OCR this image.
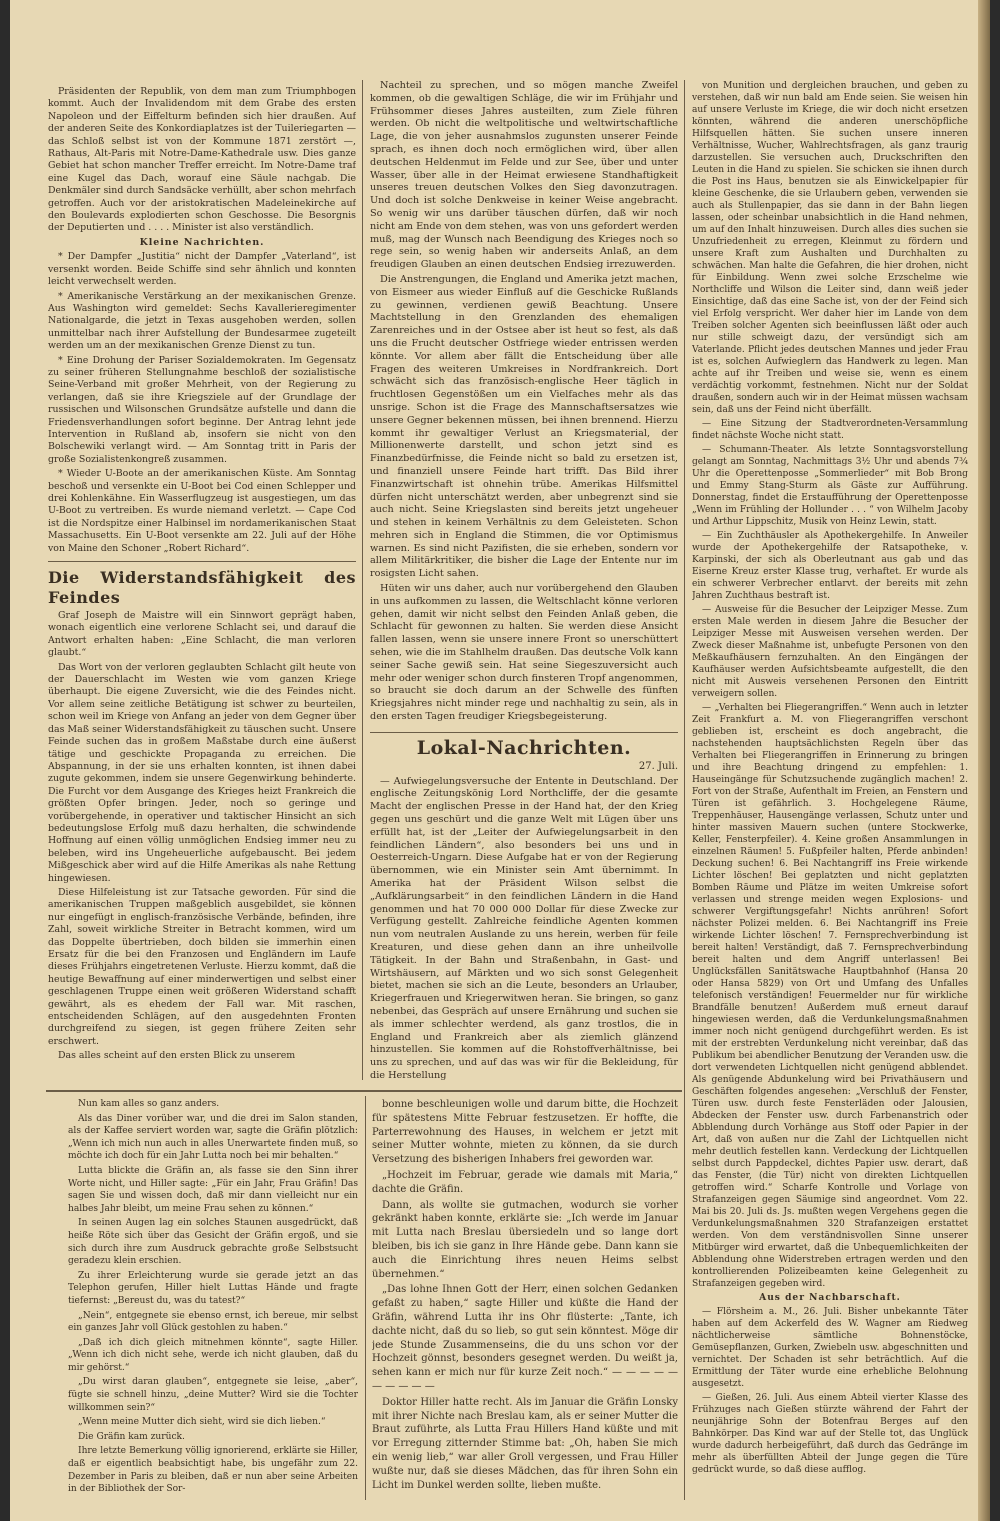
Präsidenten der Republik, von dem man zum Triumphbogen kommt. Auch der Invalidendom mit dem Grabe des ersten Napoleon und der Eiffelturm befinden sich hier draußen. Auf der anderen Seite des Konkordiaplatzes ist der Tuileriegarten — das Schloß selbst ist von der Kommune 1871 zerstört —, Rathaus, Alt-Paris mit Notre-Dame-Kathedrale usw. Dies ganze Gebiet hat schon mancher Treffer erreicht. Im Notre-Dame traf eine Kugel das Dach, worauf eine Säule nachgab. Die Denkmäler sind durch Sandsäcke verhüllt, aber schon mehrfach getroffen. Auch vor der aristokratischen Madeleinekirche auf den Boulevards explodierten schon Geschosse. Die Besorgnis der Deputierten und . . . . Minister ist also verständlich.

Kleine Nachrichten.

* Der Dampfer „Justitia“ nicht der Dampfer „Vaterland“, ist versenkt worden. Beide Schiffe sind sehr ähnlich und konnten leicht verwechselt werden.

* Amerikanische Verstärkung an der mexikanischen Grenze. Aus Washington wird gemeldet: Sechs Kavallerieregimenter Nationalgarde, die jetzt in Texas ausgehoben werden, sollen unmittelbar nach ihrer Aufstellung der Bundesarmee zugeteilt werden um an der mexikanischen Grenze Dienst zu tun.

* Eine Drohung der Pariser Sozialdemokraten. Im Gegensatz zu seiner früheren Stellungnahme beschloß der sozialistische Seine-Verband mit großer Mehrheit, von der Regierung zu verlangen, daß sie ihre Kriegsziele auf der Grundlage der russischen und Wilsonschen Grundsätze aufstelle und dann die Friedensverhandlungen sofort beginne. Der Antrag lehnt jede Intervention in Rußland ab, insofern sie nicht von den Bolschewiki verlangt wird. — Am Sonntag tritt in Paris der große Sozialistenkongreß zusammen.

* Wieder U-Boote an der amerikanischen Küste. Am Sonntag beschoß und versenkte ein U-Boot bei Cod einen Schlepper und drei Kohlenkähne. Ein Wasserflugzeug ist ausgestiegen, um das U-Boot zu vertreiben. Es wurde niemand verletzt. — Cape Cod ist die Nordspitze einer Halbinsel im nordamerikanischen Staat Massachusetts. Ein U-Boot versenkte am 22. Juli auf der Höhe von Maine den Schoner „Robert Richard“.

Die Widerstandsfähigkeit des Feindes

Graf Joseph de Maistre will ein Sinnwort geprägt haben, wonach eigentlich eine verlorene Schlacht sei, und darauf die Antwort erhalten haben: „Eine Schlacht, die man verloren glaubt.“

Das Wort von der verloren geglaubten Schlacht gilt heute von der Dauerschlacht im Westen wie vom ganzen Kriege überhaupt. Die eigene Zuversicht, wie die des Feindes nicht. Vor allem seine zeitliche Betätigung ist schwer zu beurteilen, schon weil im Kriege von Anfang an jeder von dem Gegner über das Maß seiner Widerstandsfähigkeit zu täuschen sucht. Unsere Feinde suchen das in großem Maßstabe durch eine äußerst tätige und geschickte Propaganda zu erreichen. Die Abspannung, in der sie uns erhalten konnten, ist ihnen dabei zugute gekommen, indem sie unsere Gegenwirkung behinderte. Die Furcht vor dem Ausgange des Krieges heizt Frankreich die größten Opfer bringen. Jeder, noch so geringe und vorübergehende, in operativer und taktischer Hinsicht an sich bedeutungslose Erfolg muß dazu herhalten, die schwindende Hoffnung auf einen völlig unmöglichen Endsieg immer neu zu beleben, wird ins Ungeheuerliche aufgebauscht. Bei jedem Mißgeschick aber wird auf die Hilfe Amerikas als nahe Rettung hingewiesen.

Diese Hilfeleistung ist zur Tatsache geworden. Für sind die amerikanischen Truppen maßgeblich ausgebildet, sie können nur eingefügt in englisch-französische Verbände, befinden, ihre Zahl, soweit wirkliche Streiter in Betracht kommen, wird um das Doppelte übertrieben, doch bilden sie immerhin einen Ersatz für die bei den Franzosen und Engländern im Laufe dieses Frühjahrs eingetretenen Verluste. Hierzu kommt, daß die heutige Bewaffnung auf einer minderwertigen und selbst einer geschlagenen Truppe einen weit größeren Widerstand schafft gewährt, als es ehedem der Fall war. Mit raschen, entscheidenden Schlägen, auf den ausgedehnten Fronten durchgreifend zu siegen, ist gegen frühere Zeiten sehr erschwert.

Das alles scheint auf den ersten Blick zu unserem

Nachteil zu sprechen, und so mögen manche Zweifel kommen, ob die gewaltigen Schläge, die wir im Frühjahr und Frühsommer dieses Jahres austeilten, zum Ziele führen werden. Ob nicht die weltpolitische und weltwirtschaftliche Lage, die von jeher ausnahmslos zugunsten unserer Feinde sprach, es ihnen doch noch ermöglichen wird, über allen deutschen Heldenmut im Felde und zur See, über und unter Wasser, über alle in der Heimat erwiesene Standhaftigkeit unseres treuen deutschen Volkes den Sieg davonzutragen. Und doch ist solche Denkweise in keiner Weise angebracht. So wenig wir uns darüber täuschen dürfen, daß wir noch nicht am Ende von dem stehen, was von uns gefordert werden muß, mag der Wunsch nach Beendigung des Krieges noch so rege sein, so wenig haben wir anderseits Anlaß, an dem freudigen Glauben an einen deutschen Endsieg irrezuwerden.

Die Anstrengungen, die England und Amerika jetzt machen, von Eismeer aus wieder Einfluß auf die Geschicke Rußlands zu gewinnen, verdienen gewiß Beachtung. Unsere Machtstellung in den Grenzlanden des ehemaligen Zarenreiches und in der Ostsee aber ist heut so fest, als daß uns die Frucht deutscher Ostfriege wieder entrissen werden könnte. Vor allem aber fällt die Entscheidung über alle Fragen des weiteren Umkreises in Nordfrankreich. Dort schwächt sich das französisch-englische Heer täglich in fruchtlosen Gegenstößen um ein Vielfaches mehr als das unsrige. Schon ist die Frage des Mannschaftsersatzes wie unsere Gegner bekennen müssen, bei ihnen brennend. Hierzu kommt ihr gewaltiger Verlust an Kriegsmaterial, der Millionenwerte darstellt, und schon jetzt sind es Finanzbedürfnisse, die Feinde nicht so bald zu ersetzen ist, und finanziell unsere Feinde hart trifft. Das Bild ihrer Finanzwirtschaft ist ohnehin trübe. Amerikas Hilfsmittel dürfen nicht unterschätzt werden, aber unbegrenzt sind sie auch nicht. Seine Kriegslasten sind bereits jetzt ungeheuer und stehen in keinem Verhältnis zu dem Geleisteten. Schon mehren sich in England die Stimmen, die vor Optimismus warnen. Es sind nicht Pazifisten, die sie erheben, sondern vor allem Militärkritiker, die bisher die Lage der Entente nur im rosigsten Licht sahen.

Hüten wir uns daher, auch nur vorübergehend den Glauben in uns aufkommen zu lassen, die Weltschlacht könne verloren gehen, damit wir nicht selbst den Feinden Anlaß geben, die Schlacht für gewonnen zu halten. Sie werden diese Ansicht fallen lassen, wenn sie unsere innere Front so unerschüttert sehen, wie die im Stahlhelm draußen. Das deutsche Volk kann seiner Sache gewiß sein. Hat seine Siegeszuversicht auch mehr oder weniger schon durch finsteren Tropf angenommen, so braucht sie doch darum an der Schwelle des fünften Kriegsjahres nicht minder rege und nachhaltig zu sein, als in den ersten Tagen freudiger Kriegsbegeisterung.

Lokal-Nachrichten.
27. Juli.

— Aufwiegelungsversuche der Entente in Deutschland. Der englische Zeitungskönig Lord Northcliffe, der die gesamte Macht der englischen Presse in der Hand hat, der den Krieg gegen uns geschürt und die ganze Welt mit Lügen über uns erfüllt hat, ist der „Leiter der Aufwiegelungsarbeit in den feindlichen Ländern“, also besonders bei uns und in Oesterreich-Ungarn. Diese Aufgabe hat er von der Regierung übernommen, wie ein Minister sein Amt übernimmt. In Amerika hat der Präsident Wilson selbst die „Aufklärungsarbeit“ in den feindlichen Ländern in die Hand genommen und hat 70 000 000 Dollar für diese Zwecke zur Verfügung gestellt. Zahlreiche feindliche Agenten kommen nun vom neutralen Auslande zu uns herein, werben für feile Kreaturen, und diese gehen dann an ihre unheilvolle Tätigkeit. In der Bahn und Straßenbahn, in Gast- und Wirtshäusern, auf Märkten und wo sich sonst Gelegenheit bietet, machen sie sich an die Leute, besonders an Urlauber, Kriegerfrauen und Kriegerwitwen heran. Sie bringen, so ganz nebenbei, das Gespräch auf unsere Ernährung und suchen sie als immer schlechter werdend, als ganz trostlos, die in England und Frankreich aber als ziemlich glänzend hinzustellen. Sie kommen auf die Rohstoffverhältnisse, bei uns zu sprechen, und auf das was wir für die Bekleidung, für die Herstellung

von Munition und dergleichen brauchen, und geben zu verstehen, daß wir nun bald am Ende seien. Sie weisen hin auf unsere Verluste im Kriege, die wir doch nicht ersetzen könnten, während die anderen unerschöpfliche Hilfsquellen hätten. Sie suchen unsere inneren Verhältnisse, Wucher, Wahlrechtsfragen, als ganz traurig darzustellen. Sie versuchen auch, Druckschriften den Leuten in die Hand zu spielen. Sie schicken sie ihnen durch die Post ins Haus, benutzen sie als Einwickelpapier für kleine Geschenke, die sie Urlaubern geben, verwenden sie auch als Stullenpapier, das sie dann in der Bahn liegen lassen, oder scheinbar unabsichtlich in die Hand nehmen, um auf den Inhalt hinzuweisen. Durch alles dies suchen sie Unzufriedenheit zu erregen, Kleinmut zu fördern und unsere Kraft zum Aushalten und Durchhalten zu schwächen. Man halte die Gefahren, die hier drohen, nicht für Einbildung. Wenn zwei solche Erzschelme wie Northcliffe und Wilson die Leiter sind, dann weiß jeder Einsichtige, daß das eine Sache ist, von der der Feind sich viel Erfolg verspricht. Wer daher hier im Lande von dem Treiben solcher Agenten sich beeinflussen läßt oder auch nur stille schweigt dazu, der versündigt sich am Vaterlande. Pflicht jedes deutschen Mannes und jeder Frau ist es, solchen Aufwieglern das Handwerk zu legen. Man achte auf ihr Treiben und weise sie, wenn es einem verdächtig vorkommt, festnehmen. Nicht nur der Soldat draußen, sondern auch wir in der Heimat müssen wachsam sein, daß uns der Feind nicht überfällt.

— Eine Sitzung der Stadtverordneten-Versammlung findet nächste Woche nicht statt.

— Schumann-Theater. Als letzte Sonntagsvorstellung gelangt am Sonntag, Nachmittags 3½ Uhr und abends 7¾ Uhr die Operettenposse „Sommerlieder“ mit Bob Brong und Emmy Stang-Sturm als Gäste zur Aufführung. Donnerstag, findet die Erstaufführung der Operettenposse „Wenn im Frühling der Hollunder . . . “ von Wilhelm Jacoby und Arthur Lippschitz, Musik von Heinz Lewin, statt.

— Ein Zuchthäusler als Apothekergehilfe. In Anweiler wurde der Apothekergehilfe der Ratsapotheke, v. Karpinski, der sich als Oberleutnant aus gab und das Eiserne Kreuz erster Klasse trug, verhaftet. Er wurde als ein schwerer Verbrecher entlarvt. der bereits mit zehn Jahren Zuchthaus bestraft ist.

— Ausweise für die Besucher der Leipziger Messe. Zum ersten Male werden in diesem Jahre die Besucher der Leipziger Messe mit Ausweisen versehen werden. Der Zweck dieser Maßnahme ist, unbefugte Personen von den Meßkaufhäusern fernzuhalten. An den Eingängen der Kaufhäuser werden Aufsichtsbeamte aufgestellt, die den nicht mit Ausweis versehenen Personen den Eintritt verweigern sollen.

— „Verhalten bei Fliegerangriffen.“ Wenn auch in letzter Zeit Frankfurt a. M. von Fliegerangriffen verschont geblieben ist, erscheint es doch angebracht, die nachstehenden hauptsächlichsten Regeln über das Verhalten bei Fliegerangriffen in Erinnerung zu bringen und ihre Beachtung dringend zu empfehlen: 1. Hauseingänge für Schutzsuchende zugänglich machen! 2. Fort von der Straße, Aufenthalt im Freien, an Fenstern und Türen ist gefährlich. 3. Hochgelegene Räume, Treppenhäuser, Hausengänge verlassen, Schutz unter und hinter massiven Mauern suchen (untere Stockwerke, Keller, Fensterpfeiler). 4. Keine großen Ansammlungen in einzelnen Räumen! 5. Fußpfeiler halten, Pferde anbinden! Deckung suchen! 6. Bei Nachtangriff ins Freie wirkende Lichter löschen! Bei geplatzten und nicht geplatzten Bomben Räume und Plätze im weiten Umkreise sofort verlassen und strenge meiden wegen Explosions- und schwerer Vergiftungsgefahr! Nichts anrühren! Sofort nächster Polizei melden. 6. Bei Nachtangriff ins Freie wirkende Lichter löschen! 7. Fernsprechverbindung ist bereit halten! Verständigt, daß 7. Fernsprechverbindung bereit halten und dem Angriff unterlassen! Bei Unglücksfällen Sanitätswache Hauptbahnhof (Hansa 20 oder Hansa 5829) von Ort und Umfang des Unfalles telefonisch verständigen! Feuermelder nur für wirkliche Brandfälle benutzen! Außerdem muß erneut darauf hingewiesen werden, daß die Verdunkelungsmaßnahmen immer noch nicht genügend durchgeführt werden. Es ist mit der erstrebten Verdunkelung nicht vereinbar, daß das Publikum bei abendlicher Benutzung der Veranden usw. die dort verwendeten Lichtquellen nicht genügend abblendet. Als genügende Abdunkelung wird bei Privathäusern und Geschäften folgendes angesehen: „Verschluß der Fenster, Türen usw. durch feste Fensterläden oder Jalousien, Abdecken der Fenster usw. durch Farbenanstrich oder Abblendung durch Vorhänge aus Stoff oder Papier in der Art, daß von außen nur die Zahl der Lichtquellen nicht mehr deutlich festellen kann. Verdeckung der Lichtquellen selbst durch Pappdeckel, dichtes Papier usw. derart, daß das Fenster, (die Tür) nicht von direkten Lichtquellen getroffen wird.“ Scharfe Kontrolle und Vorlage von Strafanzeigen gegen Säumige sind angeordnet. Vom 22. Mai bis 20. Juli ds. Js. mußten wegen Vergehens gegen die Verdunkelungsmaßnahmen 320 Strafanzeigen erstattet werden. Von dem verständnisvollen Sinne unserer Mitbürger wird erwartet, daß die Unbequemlichkeiten der Abblendung ohne Widerstreben ertragen werden und den kontrollierenden Polizeibeamten keine Gelegenheit zu Strafanzeigen gegeben wird.

Aus der Nachbarschaft.

— Flörsheim a. M., 26. Juli. Bisher unbekannte Täter haben auf dem Ackerfeld des W. Wagner am Riedweg nächtlicherweise sämtliche Bohnenstöcke, Gemüsepflanzen, Gurken, Zwiebeln usw. abgeschnitten und vernichtet. Der Schaden ist sehr beträchtlich. Auf die Ermittlung der Täter wurde eine erhebliche Belohnung ausgesetzt.

— Gießen, 26. Juli. Aus einem Abteil vierter Klasse des Frühzuges nach Gießen stürzte während der Fahrt der neunjährige Sohn der Botenfrau Berges auf den Bahnkörper. Das Kind war auf der Stelle tot, das Unglück wurde dadurch herbeigeführt, daß durch das Gedränge im mehr als überfüllten Abteil der Junge gegen die Türe gedrückt wurde, so daß diese aufflog.

Nun kam alles so ganz anders.

Als das Diner vorüber war, und die drei im Salon standen, als der Kaffee serviert worden war, sagte die Gräfin plötzlich: „Wenn ich mich nun auch in alles Unerwartete finden muß, so möchte ich doch für ein Jahr Lutta noch bei mir behalten.“

Lutta blickte die Gräfin an, als fasse sie den Sinn ihrer Worte nicht, und Hiller sagte: „Für ein Jahr, Frau Gräfin! Das sagen Sie und wissen doch, daß mir dann vielleicht nur ein halbes Jahr bleibt, um meine Frau sehen zu können.“

In seinen Augen lag ein solches Staunen ausgedrückt, daß heiße Röte sich über das Gesicht der Gräfin ergoß, und sie sich durch ihre zum Ausdruck gebrachte große Selbstsucht geradezu klein erschien.

Zu ihrer Erleichterung wurde sie gerade jetzt an das Telephon gerufen, Hiller hielt Luttas Hände und fragte tiefernst: „Bereust du, was du tatest?“

„Nein“, entgegnete sie ebenso ernst, ich bereue, mir selbst ein ganzes Jahr voll Glück gestohlen zu haben.“

„Daß ich dich gleich mitnehmen könnte“, sagte Hiller. „Wenn ich dich nicht sehe, werde ich nicht glauben, daß du mir gehörst.“

„Du wirst daran glauben“, entgegnete sie leise, „aber“, fügte sie schnell hinzu, „deine Mutter? Wird sie die Tochter willkommen sein?“

„Wenn meine Mutter dich sieht, wird sie dich lieben.“

Die Gräfin kam zurück.

Ihre letzte Bemerkung völlig ignorierend, erklärte sie Hiller, daß er eigentlich beabsichtigt habe, bis ungefähr zum 22. Dezember in Paris zu bleiben, daß er nun aber seine Arbeiten in der Bibliothek der Sor-

bonne beschleunigen wolle und darum bitte, die Hochzeit für spätestens Mitte Februar festzusetzen. Er hoffte, die Parterrewohnung des Hauses, in welchem er jetzt mit seiner Mutter wohnte, mieten zu können, da sie durch Versetzung des bisherigen Inhabers frei geworden war.

„Hochzeit im Februar, gerade wie damals mit Maria,“ dachte die Gräfin.

Dann, als wollte sie gutmachen, wodurch sie vorher gekränkt haben konnte, erklärte sie: „Ich werde im Januar mit Lutta nach Breslau übersiedeln und so lange dort bleiben, bis ich sie ganz in Ihre Hände gebe. Dann kann sie auch die Einrichtung ihres neuen Heims selbst übernehmen.“

„Das lohne Ihnen Gott der Herr, einen solchen Gedanken gefaßt zu haben,“ sagte Hiller und küßte die Hand der Gräfin, während Lutta ihr ins Ohr flüsterte: „Tante, ich dachte nicht, daß du so lieb, so gut sein könntest. Möge dir jede Stunde Zusammenseins, die du uns schon vor der Hochzeit gönnst, besonders gesegnet werden. Du weißt ja, sehen kann er mich nur für kurze Zeit noch.“ — — — — — — — — — —

Doktor Hiller hatte recht. Als im Januar die Gräfin Lonsky mit ihrer Nichte nach Breslau kam, als er seiner Mutter die Braut zuführte, als Lutta Frau Hillers Hand küßte und mit vor Erregung zitternder Stimme bat: „Oh, haben Sie mich ein wenig lieb,“ war aller Groll vergessen, und Frau Hiller wußte nur, daß sie dieses Mädchen, das für ihren Sohn ein Licht im Dunkel werden sollte, lieben mußte.
